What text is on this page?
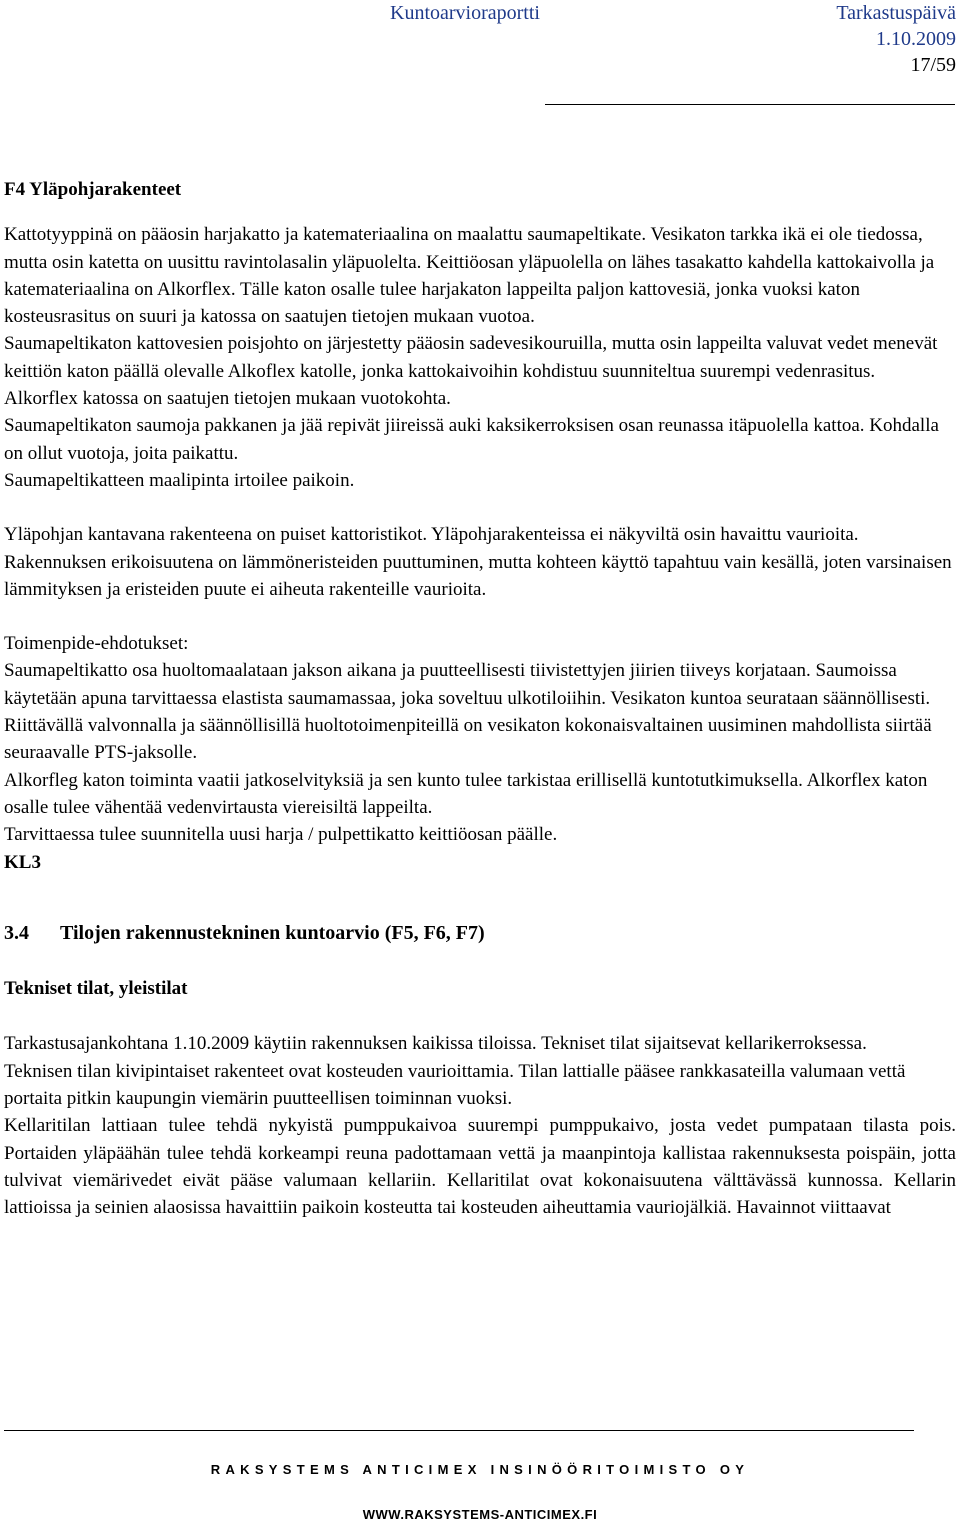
Kuntoarvioraportti	Tarkastuspäivä
1.10.2009
17/59

F4 Yläpohjarakenteet

Kattotyyppinä on pääosin harjakatto ja katemateriaalina on maalattu saumapeltikate. Vesikaton tarkka ikä ei ole tiedossa, mutta osin katetta on uusittu ravintolasalin yläpuolelta. Keittiöosan yläpuolella on lähes tasakatto kahdella kattokaivolla ja katemateriaalina on Alkorflex. Tälle katon osalle tulee harjakaton lappeilta paljon kattovesiä, jonka vuoksi katon kosteusrasitus on suuri ja katossa on saatujen tietojen mukaan vuotoa.

Saumapeltikaton kattovesien poisjohto on järjestetty pääosin sadevesikouruilla, mutta osin lappeilta valuvat vedet menevät keittiön katon päällä olevalle Alkoflex katolle, jonka kattokaivoihin kohdistuu suunniteltua suurempi vedenrasitus.

Alkorflex katossa on saatujen tietojen mukaan vuotokohta.

Saumapeltikaton saumoja pakkanen ja jää repivät jiireissä auki kaksikerroksisen osan reunassa itäpuolella kattoa. Kohdalla on ollut vuotoja, joita paikattu.

Saumapeltikatteen maalipinta irtoilee paikoin.

Yläpohjan kantavana rakenteena on puiset kattoristikot. Yläpohjarakenteissa ei näkyviltä osin havaittu vaurioita. Rakennuksen erikoisuutena on lämmöneristeiden puuttuminen, mutta kohteen käyttö tapahtuu vain kesällä, joten varsinaisen lämmityksen ja eristeiden puute ei aiheuta rakenteille vaurioita.

Toimenpide-ehdotukset:

Saumapeltikatto osa huoltomaalataan jakson aikana ja puutteellisesti tiivistettyjen jiirien tiiveys korjataan. Saumoissa käytetään apuna tarvittaessa elastista saumamassaa, joka soveltuu ulkotiloiihin. Vesikaton kuntoa seurataan säännöllisesti. Riittävällä valvonnalla ja säännöllisillä huoltotoimenpiteillä on vesikaton kokonaisvaltainen uusiminen mahdollista siirtää seuraavalle PTS-jaksolle.

Alkorfleg katon toiminta vaatii jatkoselvityksiä ja sen kunto tulee tarkistaa erillisellä kuntotutkimuksella. Alkorflex katon osalle tulee vähentää vedenvirtausta viereisiltä lappeilta.

Tarvittaessa tulee suunnitella uusi harja / pulpettikatto keittiöosan päälle.

KL3

3.4 Tilojen rakennustekninen kuntoarvio (F5, F6, F7)

Tekniset tilat, yleistilat

Tarkastusajankohtana 1.10.2009 käytiin rakennuksen kaikissa tiloissa. Tekniset tilat sijaitsevat kellarikerroksessa.

Teknisen tilan kivipintaiset rakenteet ovat kosteuden vaurioittamia. Tilan lattialle pääsee rankkasateilla valumaan vettä portaita pitkin kaupungin viemärin puutteellisen toiminnan vuoksi.

Kellaritilan lattiaan tulee tehdä nykyistä pumppukaivoa suurempi pumppukaivo, josta vedet pumpataan tilasta pois. Portaiden yläpäähän tulee tehdä korkeampi reuna padottamaan vettä ja maanpintoja kallistaa rakennuksesta poispäin, jotta tulvivat viemärivedet eivät pääse valumaan kellariin. Kellaritilat ovat kokonaisuutena välttävässä kunnossa. Kellarin lattioissa ja seinien alaosissa havaittiin paikoin kosteutta tai kosteuden aiheuttamia vauriojälkiä. Havainnot viittaavat

RAKSYSTEMS ANTICIMEX INSINÖÖRITOIMISTO OY
WWW.RAKSYSTEMS-ANTICIMEX.FI
